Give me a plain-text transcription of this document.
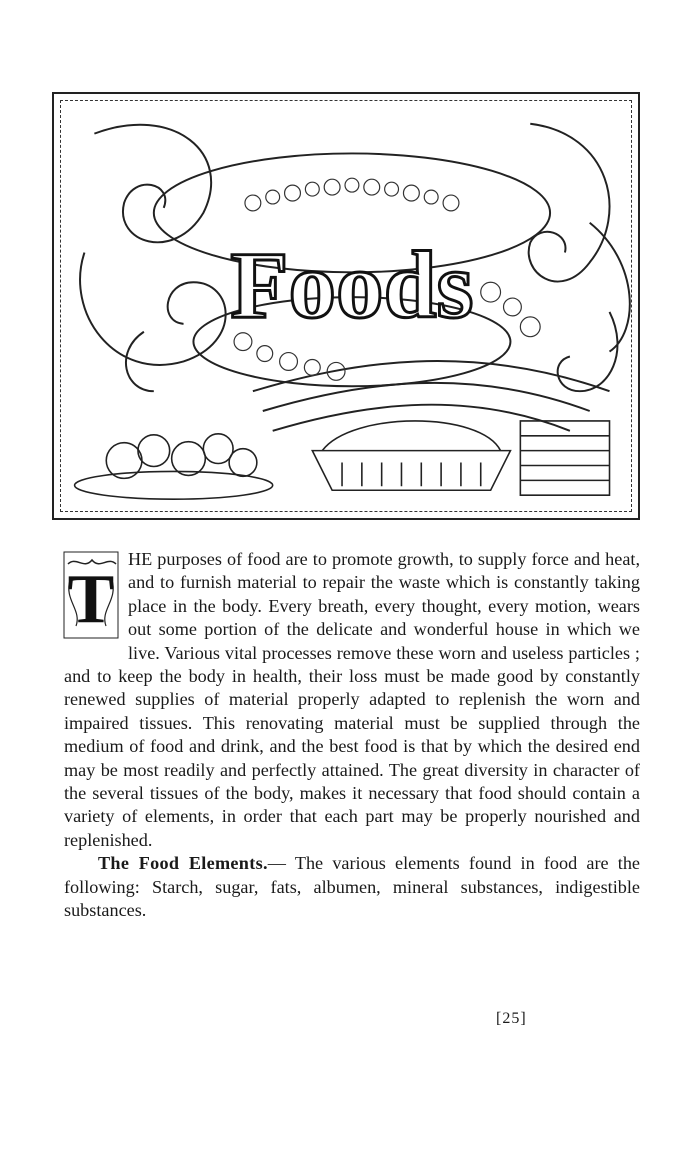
Foods
T

HE purposes of food are to promote growth, to supply force and heat, and to furnish material to repair the waste which is constantly taking place in the body. Every breath, every thought, every motion, wears out some portion of the delicate and wonderful house in which we live. Various vital processes remove these worn and useless particles ; and to keep the body in health, their loss must be made good by constantly renewed supplies of material properly adapted to replenish the worn and impaired tissues. This renovating material must be supplied through the medium of food and drink, and the best food is that by which the desired end may be most readily and perfectly attained. The great diversity in character of the several tissues of the body, makes it necessary that food should contain a variety of elements, in order that each part may be properly nourished and replenished.

The Food Elements.— The various elements found in food are the following: Starch, sugar, fats, albumen, mineral substances, indigestible substances.

[25]
